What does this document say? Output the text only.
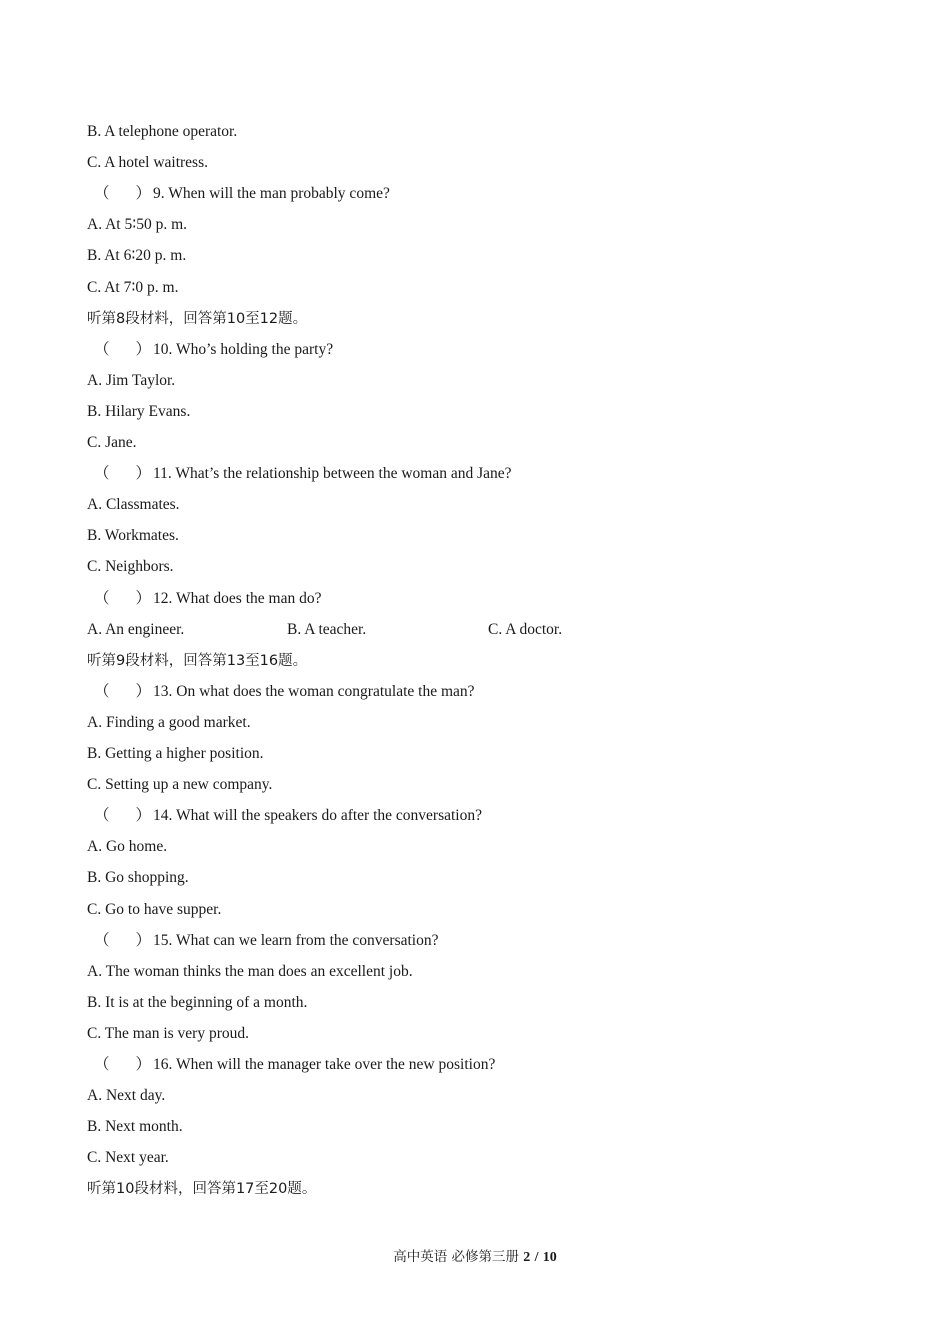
B. A telephone operator.
C. A hotel waitress.
（ ） 9. When will the man probably come?
A. At 5∶50 p. m.
B. At 6∶20 p. m.
C. At 7∶0 p. m.
听第8段材料，回答第10至12题。
（ ） 10. Who’s holding the party?
A. Jim Taylor.
B. Hilary Evans.
C. Jane.
（ ） 11. What’s the relationship between the woman and Jane?
A. Classmates.
B. Workmates.
C. Neighbors.
（ ） 12. What does the man do?
A. An engineer.	B. A teacher.	C. A doctor.
听第9段材料，回答第13至16题。
（ ） 13. On what does the woman congratulate the man?
A. Finding a good market.
B. Getting a higher position.
C. Setting up a new company.
（ ） 14. What will the speakers do after the conversation?
A. Go home.
B. Go shopping.
C. Go to have supper.
（ ） 15. What can we learn from the conversation?
A. The woman thinks the man does an excellent job.
B. It is at the beginning of a month.
C. The man is very proud.
（ ） 16. When will the manager take over the new position?
A. Next day.
B. Next month.
C. Next year.
听第10段材料，回答第17至20题。
高中英语 必修第三册 2 / 10
